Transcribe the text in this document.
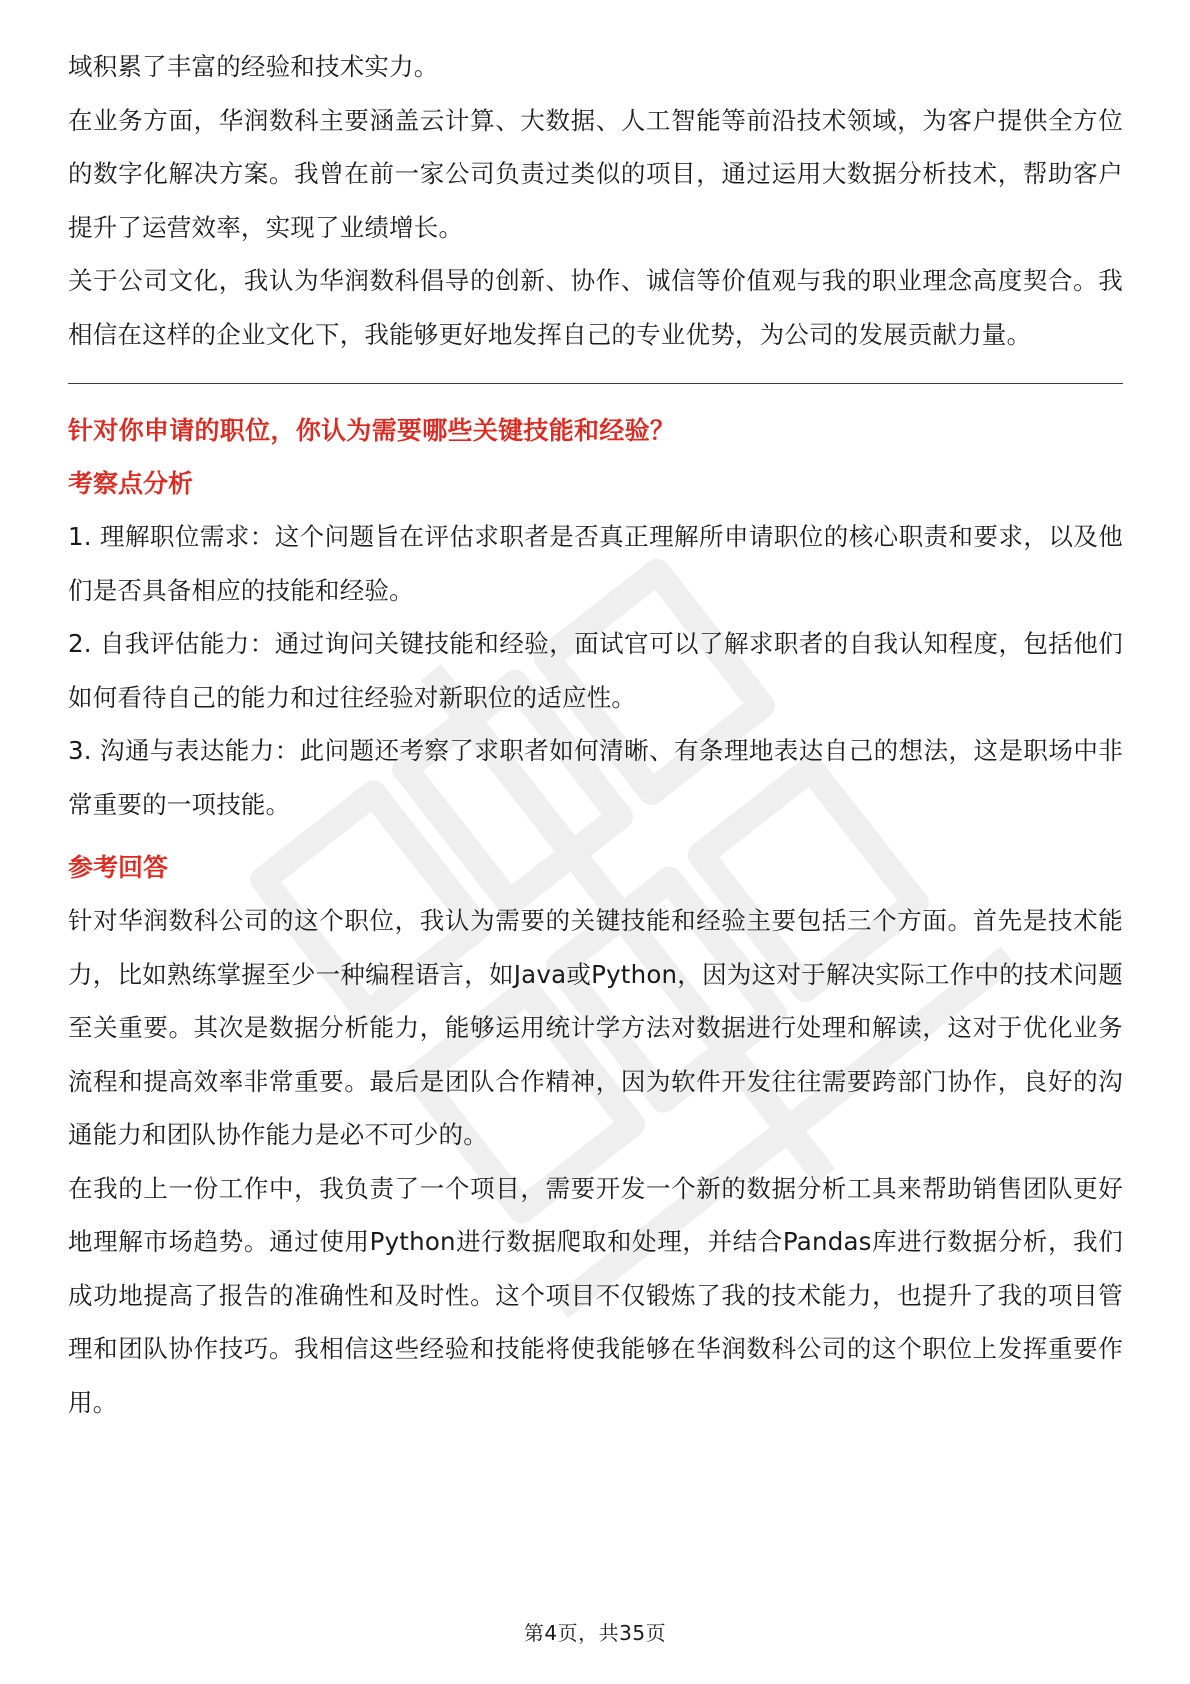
域积累了丰富的经验和技术实力。

在业务方面，华润数科主要涵盖云计算、大数据、人工智能等前沿技术领域，为客户提供全方位的数字化解决方案。我曾在前一家公司负责过类似的项目，通过运用大数据分析技术，帮助客户提升了运营效率，实现了业绩增长。

关于公司文化，我认为华润数科倡导的创新、协作、诚信等价值观与我的职业理念高度契合。我相信在这样的企业文化下，我能够更好地发挥自己的专业优势，为公司的发展贡献力量。

针对你申请的职位，你认为需要哪些关键技能和经验？

考察点分析

1. 理解职位需求：这个问题旨在评估求职者是否真正理解所申请职位的核心职责和要求，以及他们是否具备相应的技能和经验。

2. 自我评估能力：通过询问关键技能和经验，面试官可以了解求职者的自我认知程度，包括他们如何看待自己的能力和过往经验对新职位的适应性。

3. 沟通与表达能力：此问题还考察了求职者如何清晰、有条理地表达自己的想法，这是职场中非常重要的一项技能。

参考回答

针对华润数科公司的这个职位，我认为需要的关键技能和经验主要包括三个方面。首先是技术能力，比如熟练掌握至少一种编程语言，如Java或Python，因为这对于解决实际工作中的技术问题至关重要。其次是数据分析能力，能够运用统计学方法对数据进行处理和解读，这对于优化业务流程和提高效率非常重要。最后是团队合作精神，因为软件开发往往需要跨部门协作，良好的沟通能力和团队协作能力是必不可少的。

在我的上一份工作中，我负责了一个项目，需要开发一个新的数据分析工具来帮助销售团队更好地理解市场趋势。通过使用Python进行数据爬取和处理，并结合Pandas库进行数据分析，我们成功地提高了报告的准确性和及时性。这个项目不仅锻炼了我的技术能力，也提升了我的项目管理和团队协作技巧。我相信这些经验和技能将使我能够在华润数科公司的这个职位上发挥重要作用。

第4页，共35页
